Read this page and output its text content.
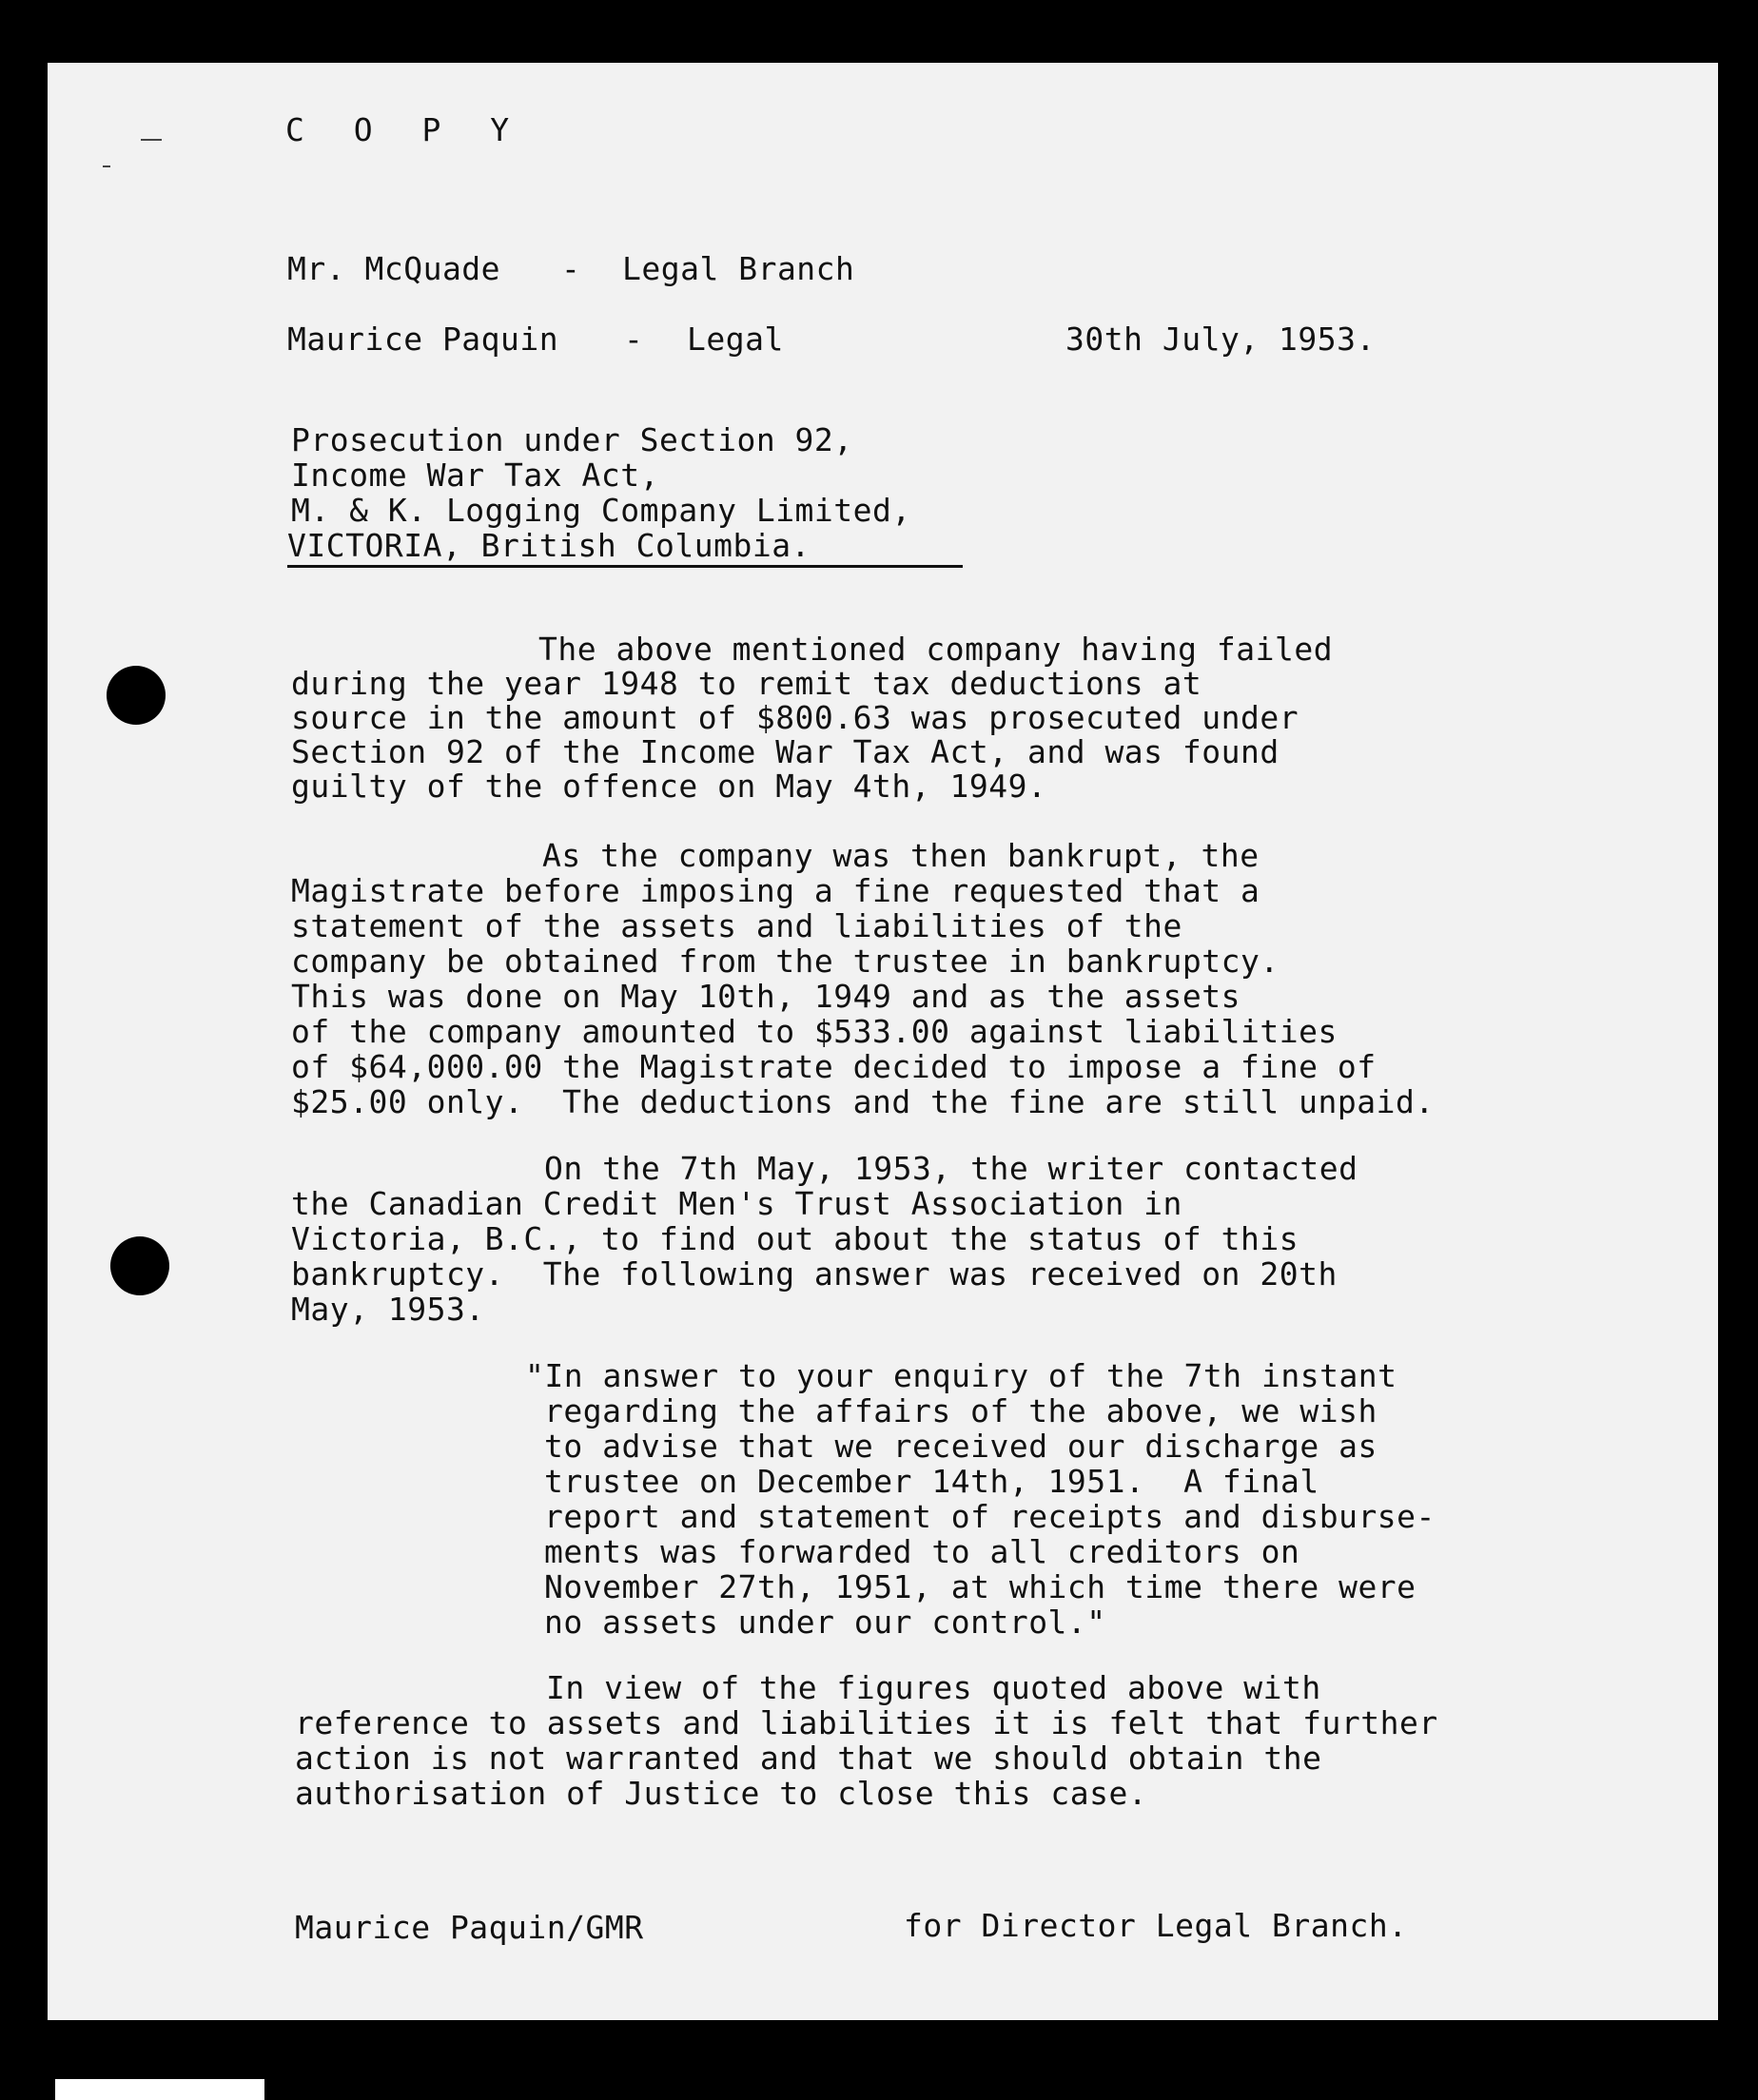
C O P Y
Mr. McQuade - Legal Branch
Maurice Paquin - Legal	30th July, 1953.
Prosecution under Section 92,
Income War Tax Act,
M. & K. Logging Company Limited,
VICTORIA, British Columbia.
The above mentioned company having failed
during the year 1948 to remit tax deductions at
source in the amount of $800.63 was prosecuted under
Section 92 of the Income War Tax Act, and was found
guilty of the offence on May 4th, 1949.
As the company was then bankrupt, the
Magistrate before imposing a fine requested that a
statement of the assets and liabilities of the
company be obtained from the trustee in bankruptcy.
This was done on May 10th, 1949 and as the assets
of the company amounted to $533.00 against liabilities
of $64,000.00 the Magistrate decided to impose a fine of
$25.00 only.  The deductions and the fine are still unpaid.
On the 7th May, 1953, the writer contacted
the Canadian Credit Men's Trust Association in
Victoria, B.C., to find out about the status of this
bankruptcy.  The following answer was received on 20th
May, 1953.
"In answer to your enquiry of the 7th instant
regarding the affairs of the above, we wish
to advise that we received our discharge as
trustee on December 14th, 1951.  A final
report and statement of receipts and disburse-
ments was forwarded to all creditors on
November 27th, 1951, at which time there were
no assets under our control."
In view of the figures quoted above with
reference to assets and liabilities it is felt that further
action is not warranted and that we should obtain the
authorisation of Justice to close this case.
Maurice Paquin/GMR	for Director Legal Branch.
